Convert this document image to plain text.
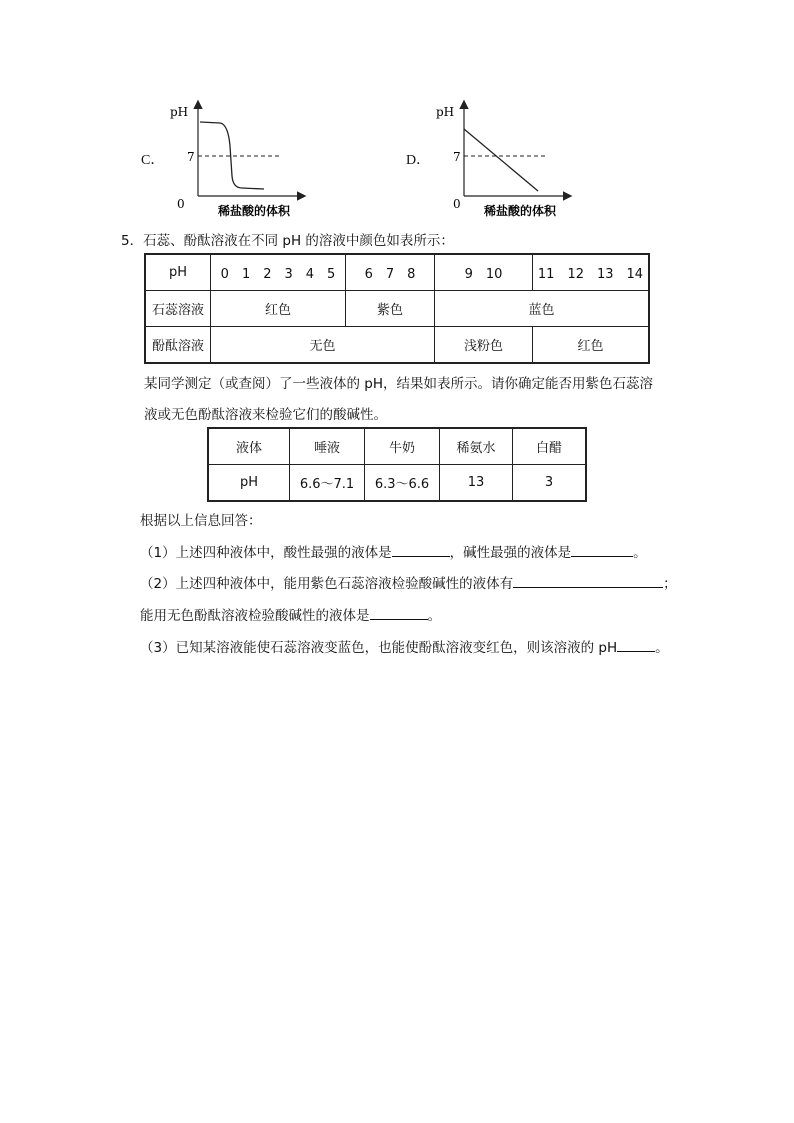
C．
pH
7
0	稀盐酸的体积
D．
pH
7
0 稀盐酸的体积
5．石蕊、酚酞溶液在不同 pH 的溶液中颜色如表所示：
pH	0　1　2　3　4　5	6　7　8	9　10	11　12　13　14
石蕊溶液	红色	紫色	蓝色	
酚酞溶液	无色		浅粉色	红色
某同学测定（或查阅）了一些液体的 pH，结果如表所示。请你确定能否用紫色石蕊溶
液或无色酚酞溶液来检验它们的酸碱性。
液体	唾液	牛奶	稀氨水	白醋
pH	6.6～7.1	6.3～6.6	13	3
根据以上信息回答：
（1）上述四种液体中，酸性最强的液体是	，碱性最强的液体是	。
（2）上述四种液体中，能用紫色石蕊溶液检验酸碱性的液体有	；
能用无色酚酞溶液检验酸碱性的液体是	。
（3）已知某溶液能使石蕊溶液变蓝色，也能使酚酞溶液变红色，则该溶液的 pH	。
